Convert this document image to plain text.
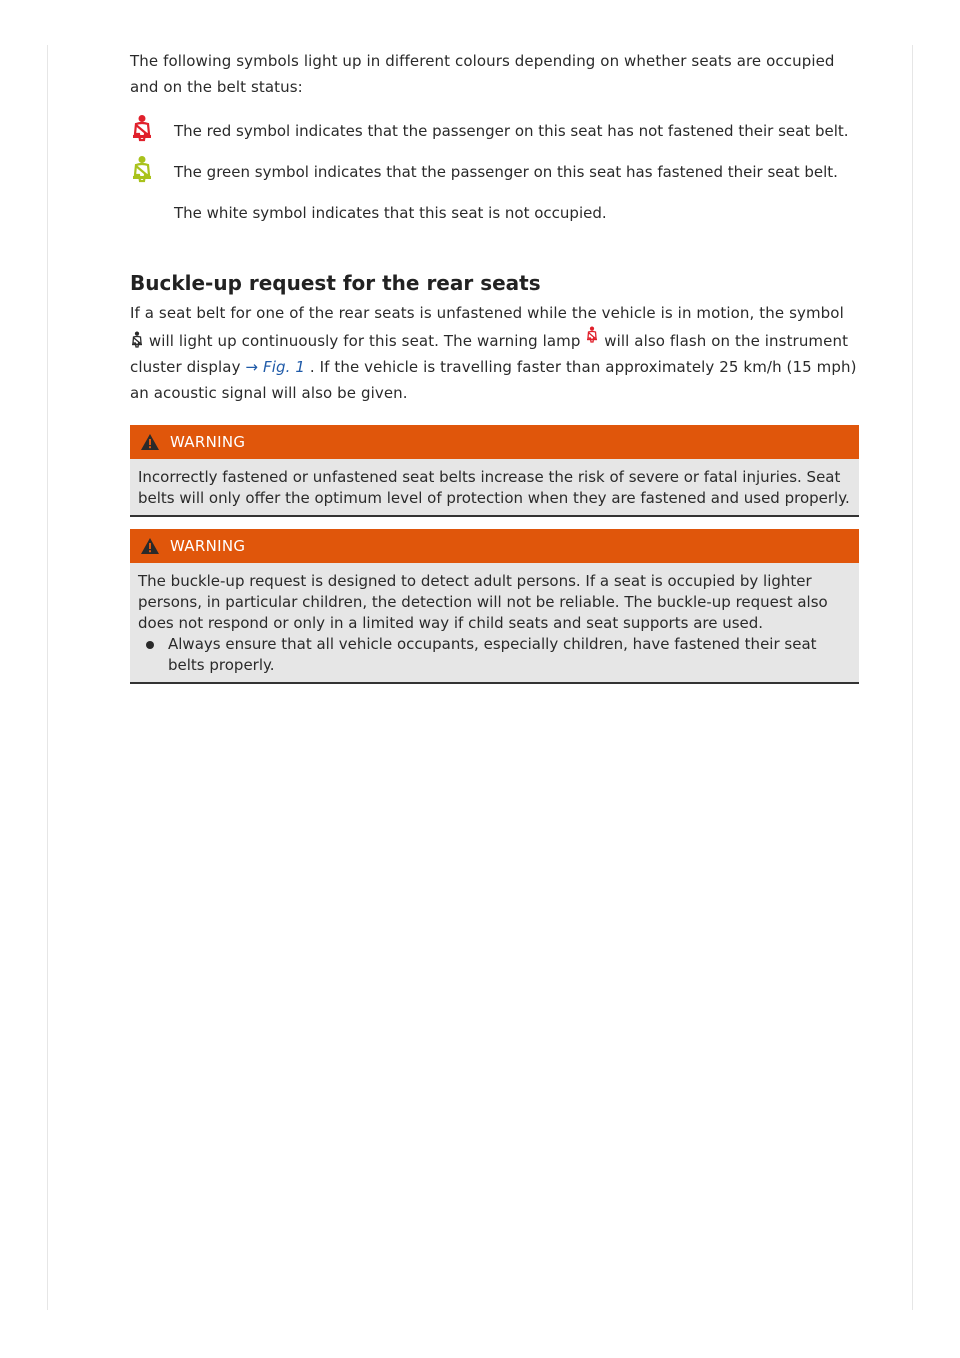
The following symbols light up in different colours depending on whether seats are occupied and on the belt status:

The red symbol indicates that the passenger on this seat has not fastened their seat belt.
The green symbol indicates that the passenger on this seat has fastened their seat belt.
The white symbol indicates that this seat is not occupied.
Buckle-up request for the rear seats

If a seat belt for one of the rear seats is unfastened while the vehicle is in motion, the symbol  will light up continuously for this seat. The warning lamp will also flash on the instrument cluster display → Fig. 1 . If the vehicle is travelling faster than approximately 25 km/h (15 mph) an acoustic signal will also be given.

WARNING
Incorrectly fastened or unfastened seat belts increase the risk of severe or fatal injuries. Seat belts will only offer the optimum level of protection when they are fastened and used properly.
WARNING
The buckle-up request is designed to detect adult persons. If a seat is occupied by lighter persons, in particular children, the detection will not be reliable. The buckle-up request also does not respond or only in a limited way if child seats and seat supports are used.
Always ensure that all vehicle occupants, especially children, have fastened their seat belts properly.
